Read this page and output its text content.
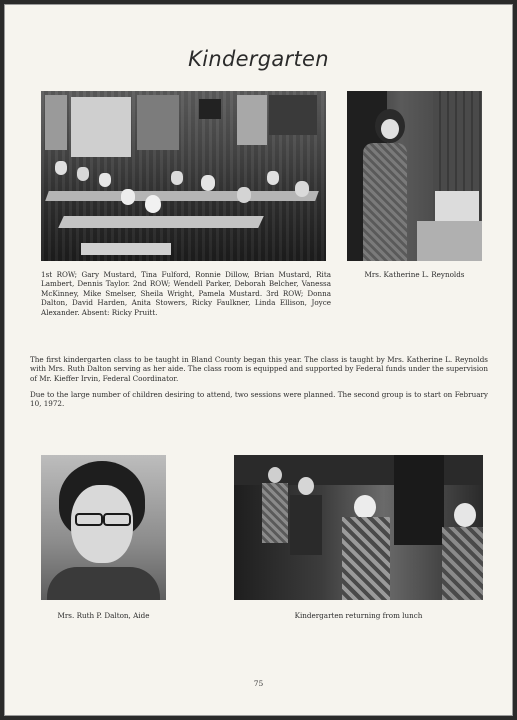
Kindergarten
1st ROW; Gary Mustard, Tina Fulford, Ronnie Dillow, Brian Mustard, Rita Lambert, Dennis Taylor. 2nd ROW; Wendell Parker, Deborah Belcher, Vanessa McKinney, Mike Smelser, Sheila Wright, Pamela Mustard. 3rd ROW; Donna Dalton, David Harden, Anita Stowers, Ricky Faulkner, Linda Ellison, Joyce Alexander. Absent: Ricky Pruitt.
Mrs. Katherine L. Reynolds
The first kindergarten class to be taught in Bland County began this year. The class is taught by Mrs. Katherine L. Reynolds with Mrs. Ruth Dalton serving as her aide. The class room is equipped and supported by Federal funds under the supervision of Mr. Kieffer Irvin, Federal Coordinator.
Due to the large number of children desiring to attend, two sessions were planned. The second group is to start on February 10, 1972.
Mrs. Ruth P. Dalton, Aide	Kindergarten returning from lunch
75
